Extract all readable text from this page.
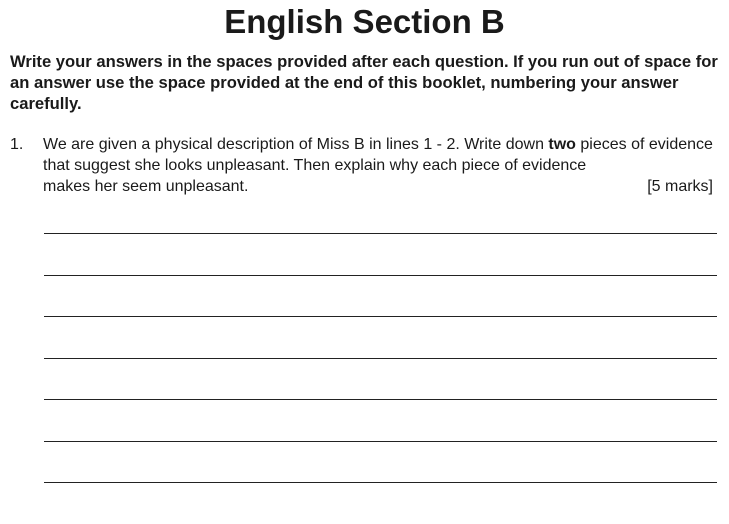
English Section B

Write your answers in the spaces provided after each question. If you run out of space for an answer use the space provided at the end of this booklet, numbering your answer carefully.

1. We are given a physical description of Miss B in lines 1 - 2. Write down two pieces of evidence that suggest she looks unpleasant. Then explain why each piece of evidence

makes her seem unpleasant.	[5 marks]
